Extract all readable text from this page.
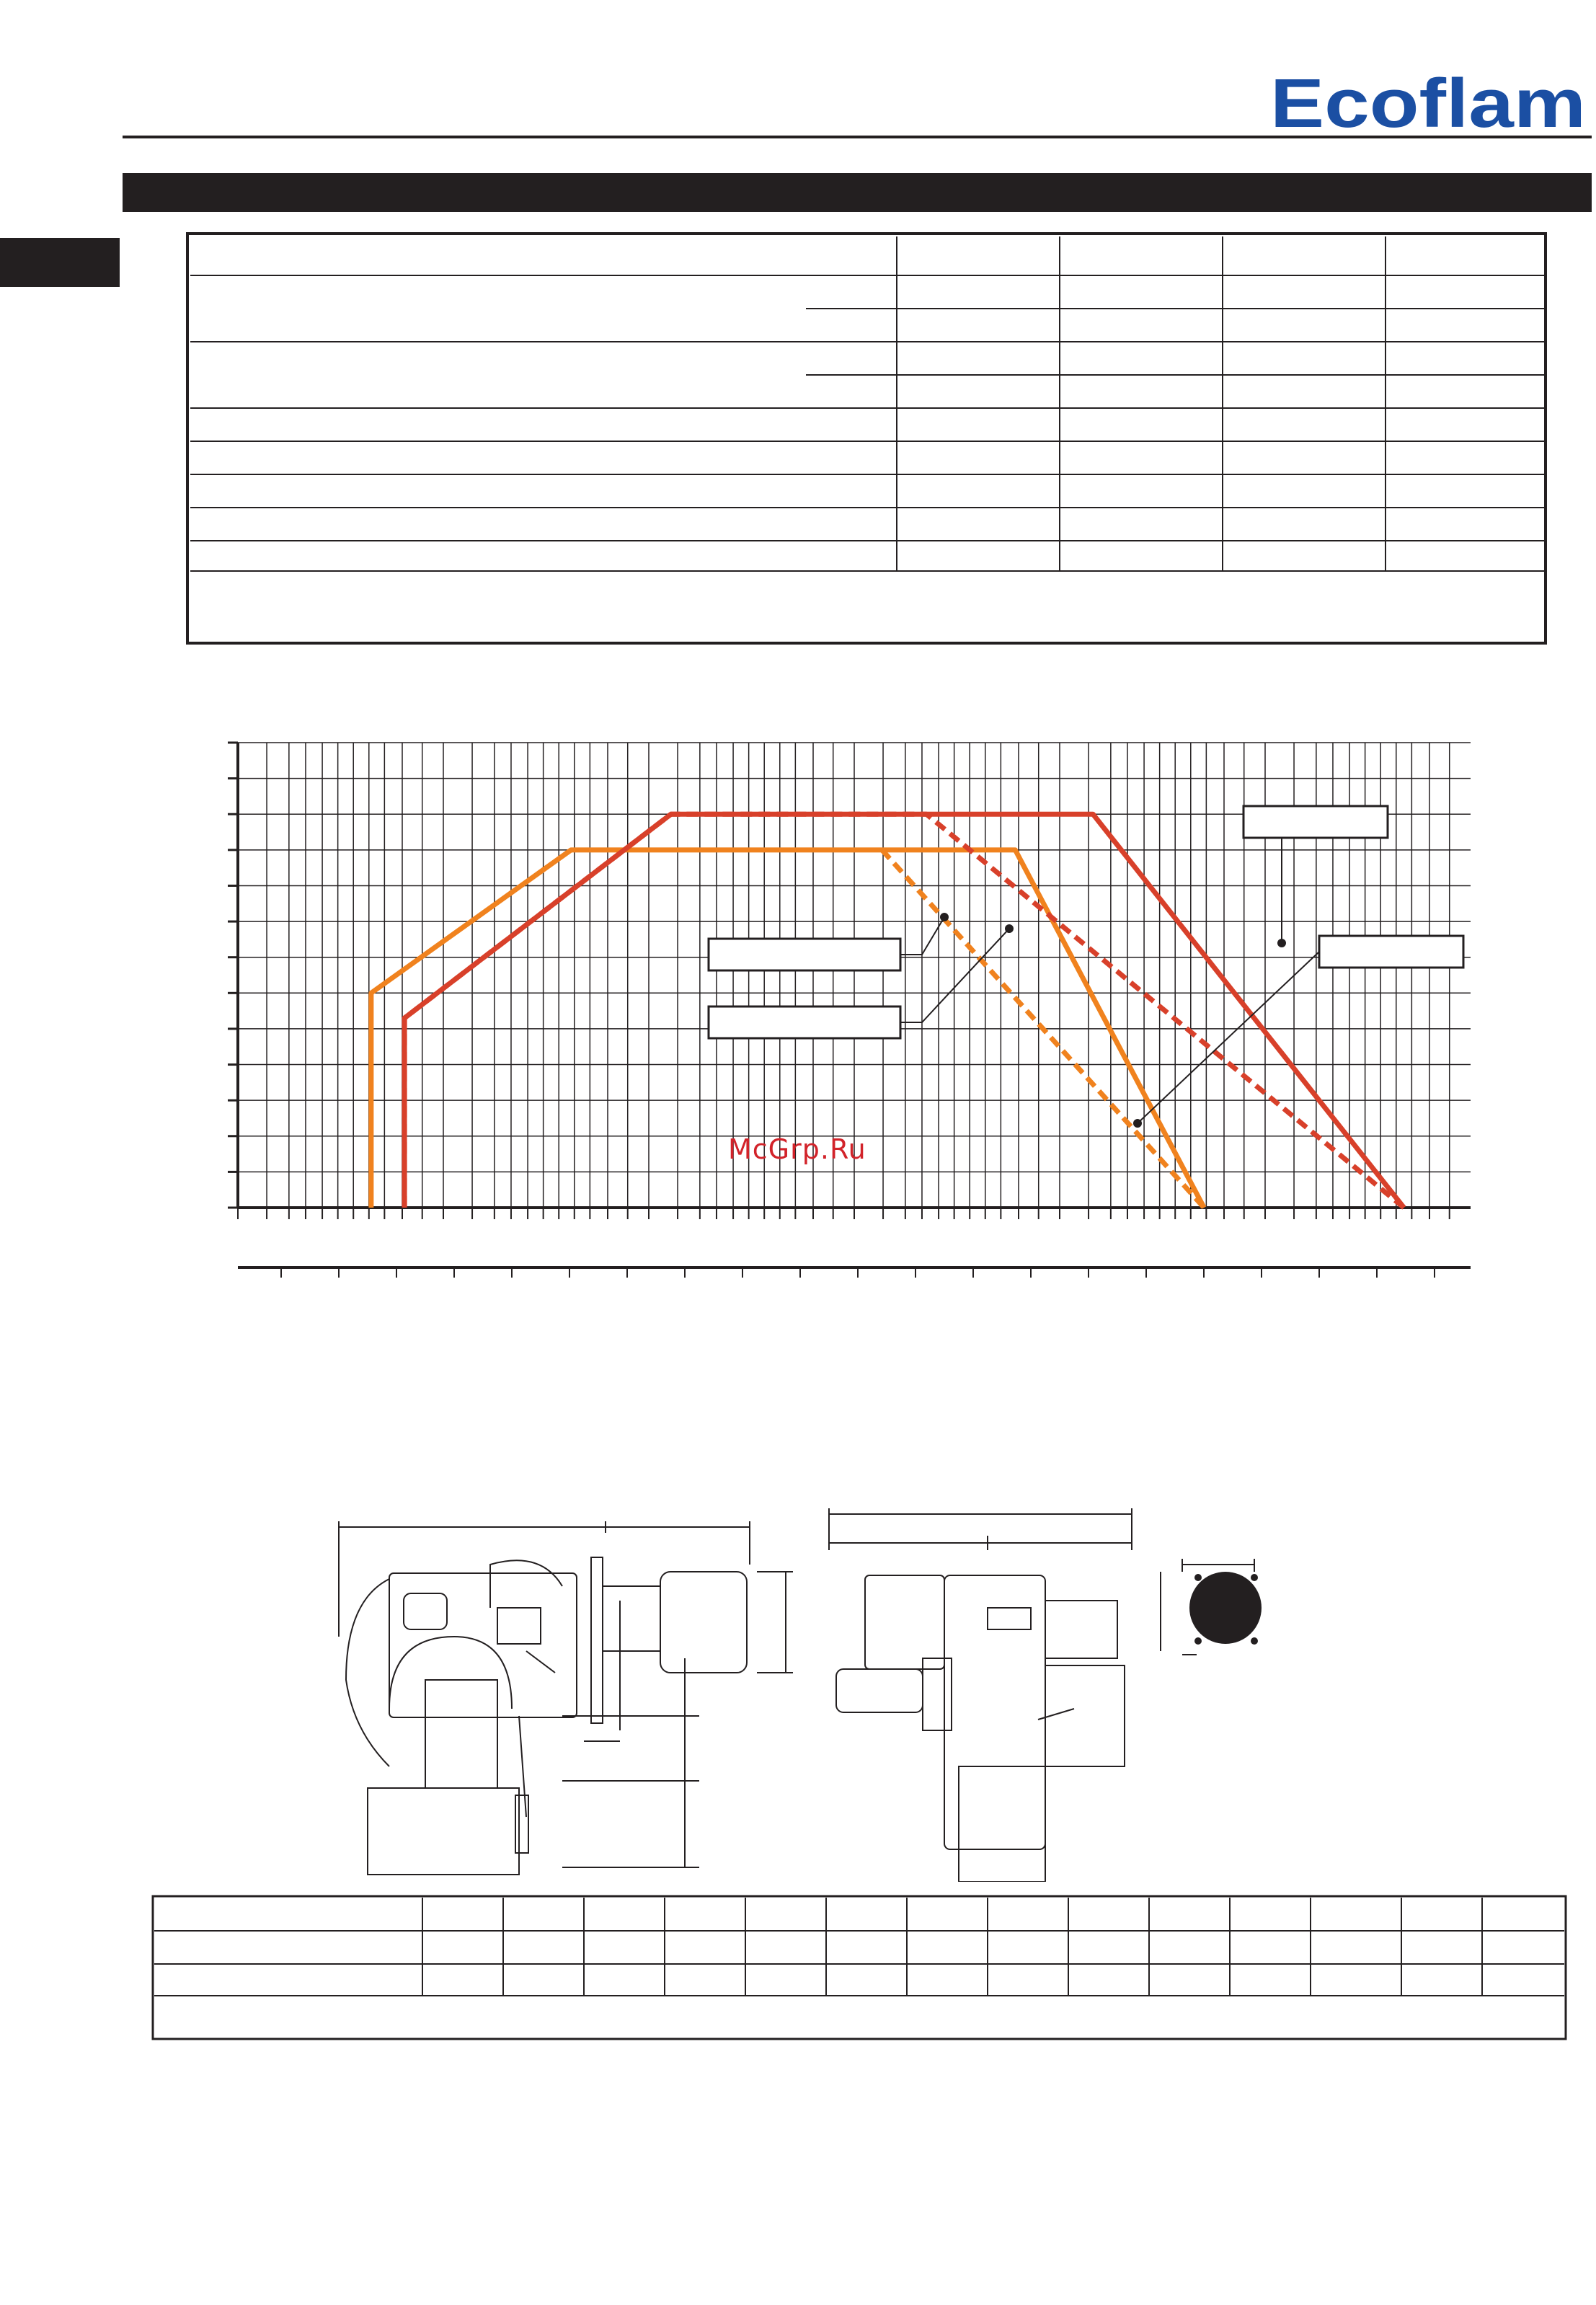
Ecoflam
McGrp.Ru
